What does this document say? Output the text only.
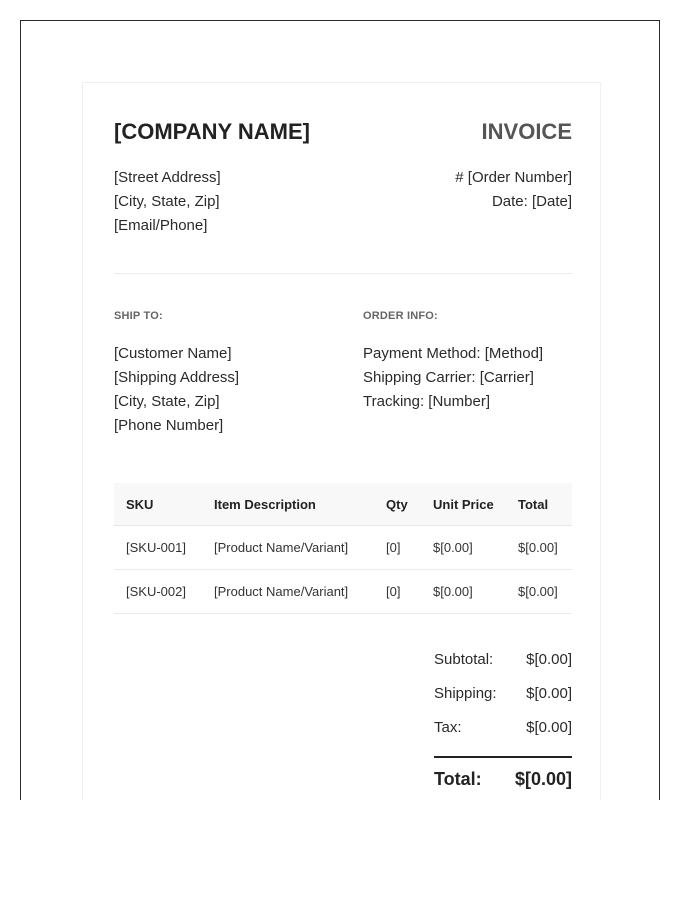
[COMPANY NAME]	INVOICE
[Street Address]
[City, State, Zip]
[Email/Phone]
# [Order Number]
Date: [Date]
SHIP TO:	ORDER INFO:
[Customer Name]
[Shipping Address]
[City, State, Zip]
[Phone Number]
Payment Method: [Method]
Shipping Carrier: [Carrier]
Tracking: [Number]
SKU	Item Description	Qty	Unit Price	Total
[SKU-001]	[Product Name/Variant]	[0]	$[0.00]	$[0.00]
[SKU-002]	[Product Name/Variant]	[0]	$[0.00]	$[0.00]
Subtotal: $[0.00]
Shipping: $[0.00]
Tax:	$[0.00]
Total: $[0.00]
